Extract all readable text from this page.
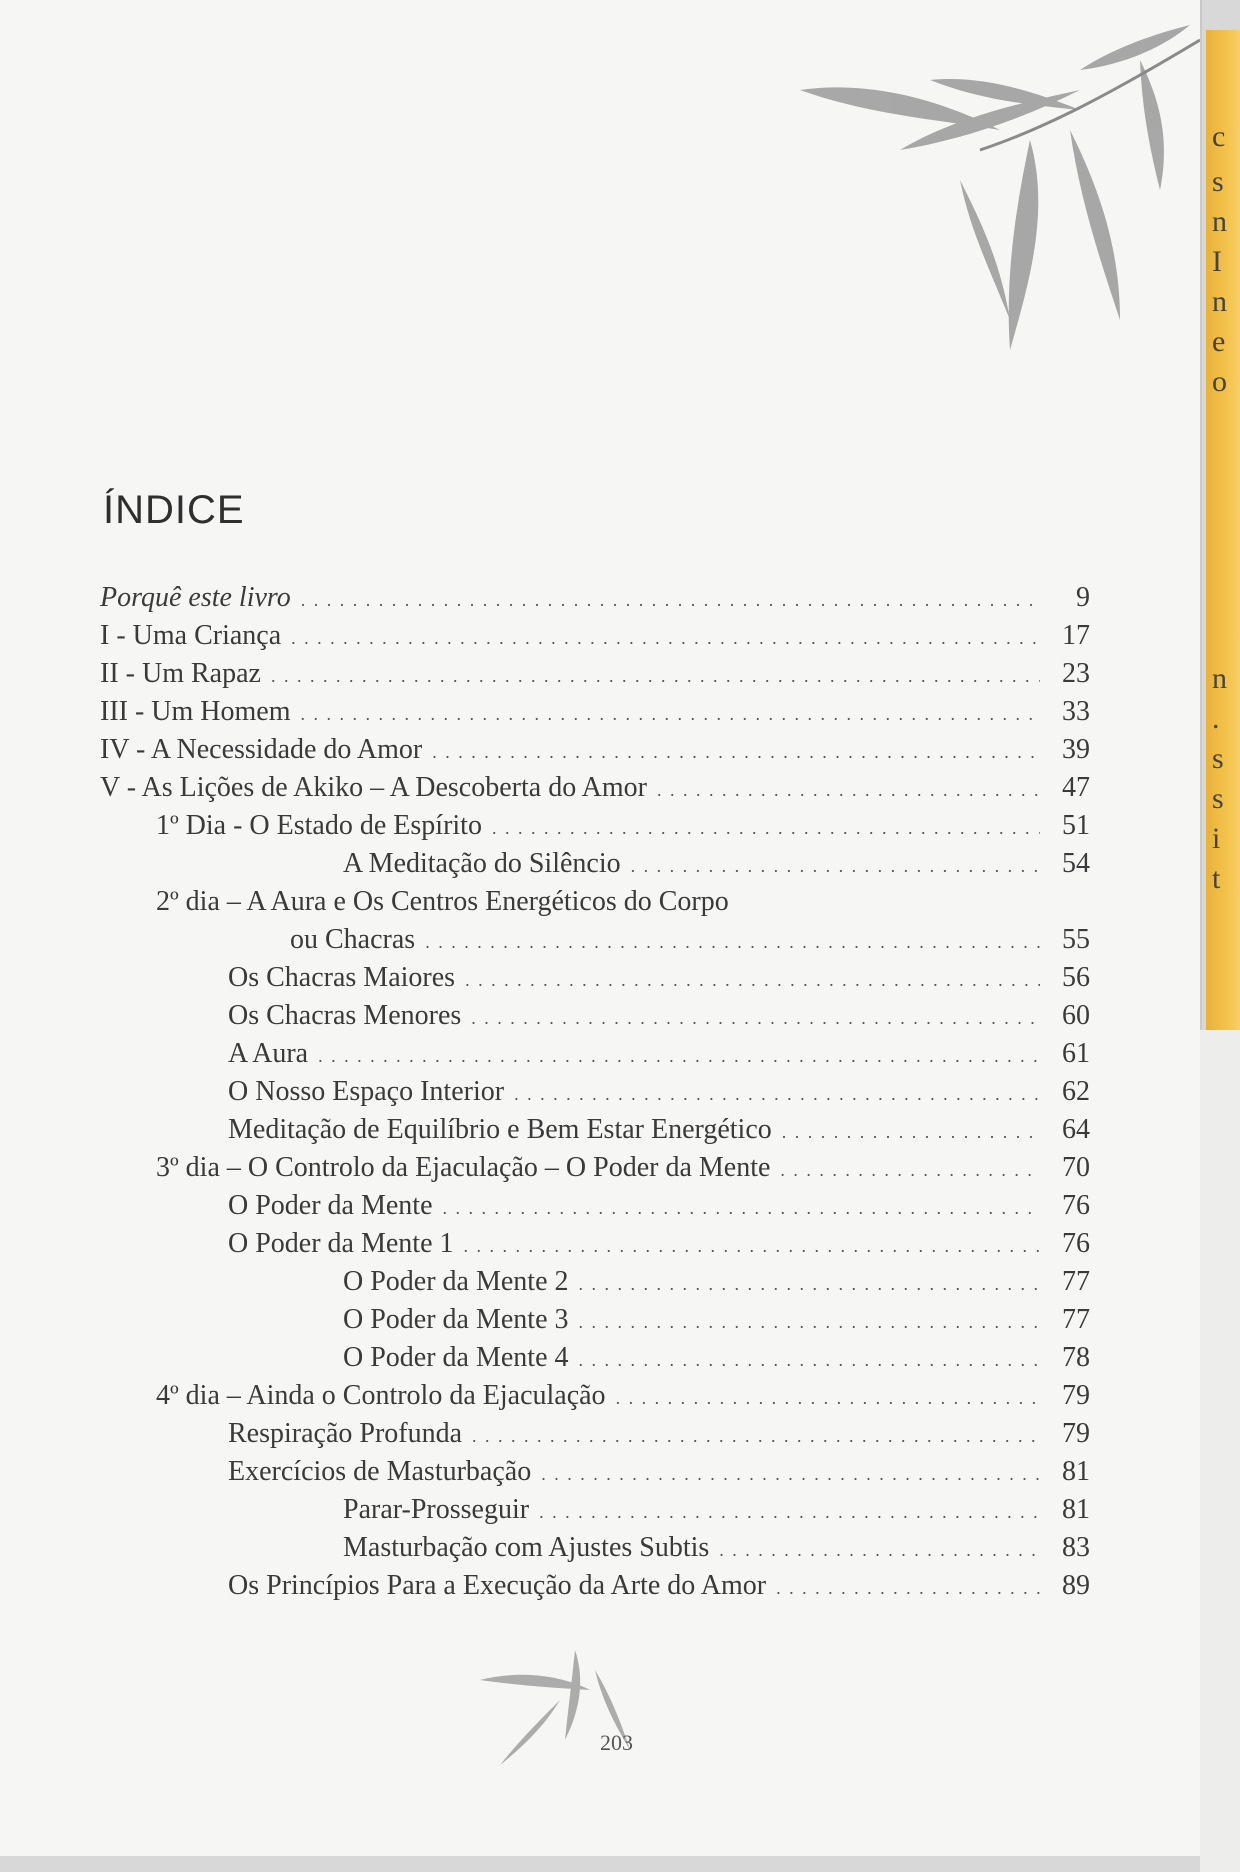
ÍNDICE
Porquê este livro . . .	9
I - Uma Criança . . .	17
II - Um Rapaz . . .	23
III - Um Homem . . .	33
IV - A Necessidade do Amor . . .	39
V - As Lições de Akiko – A Descoberta do Amor . . .	47
1º Dia - O Estado de Espírito . . .	51
A Meditação do Silêncio . . .	54
2º dia – A Aura e Os Centros Energéticos do Corpo
ou Chacras . . .	55
Os Chacras Maiores . . .	56
Os Chacras Menores . . .	60
A Aura . . .	61
O Nosso Espaço Interior . . .	62
Meditação de Equilíbrio e Bem Estar Energético . . .	64
3º dia – O Controlo da Ejaculação – O Poder da Mente . . .	70
O Poder da Mente . . .	76
O Poder da Mente 1 . . .	76
O Poder da Mente 2 . . .	77
O Poder da Mente 3 . . .	77
O Poder da Mente 4 . . .	78
4º dia – Ainda o Controlo da Ejaculação . . .	79
Respiração Profunda . . .	79
Exercícios de Masturbação . . .	81
Parar-Prosseguir . . .	81
Masturbação com Ajustes Subtis . . .	83
Os Princípios Para a Execução da Arte do Amor . . .	89
203
c
s
n
I
n
e
o
n
.
s
s
i
t
